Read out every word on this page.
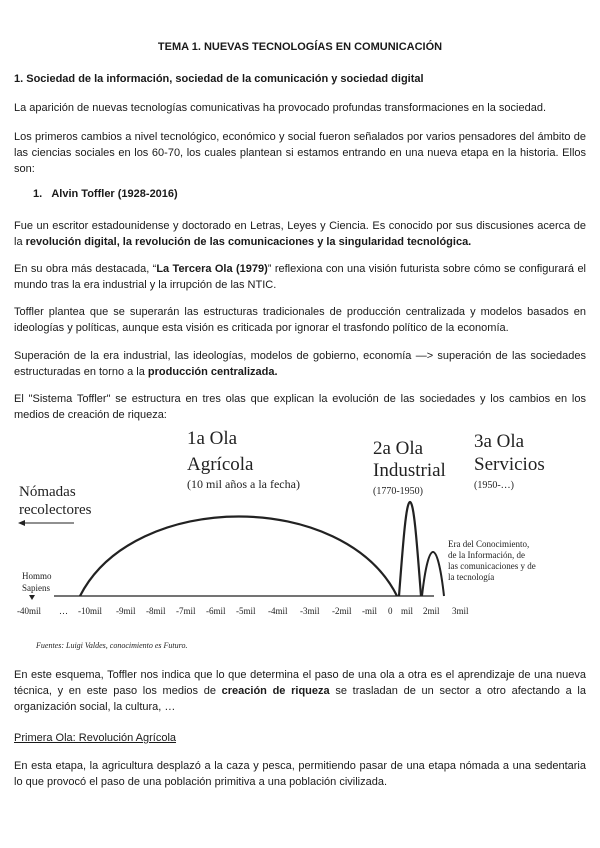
TEMA 1. NUEVAS TECNOLOGÍAS EN COMUNICACIÓN

1. Sociedad de la información, sociedad de la comunicación y sociedad digital

La aparición de nuevas tecnologías comunicativas ha provocado profundas transformaciones en la sociedad.

Los primeros cambios a nivel tecnológico, económico y social fueron señalados por varios pensadores del ámbito de las ciencias sociales en los 60-70, los cuales plantean si estamos entrando en una nueva etapa en la historia. Ellos son:

1. Alvin Toffler (1928-2016)

Fue un escritor estadounidense y doctorado en Letras, Leyes y Ciencia. Es conocido por sus discusiones acerca de la revolución digital, la revolución de las comunicaciones y la singularidad tecnológica.

En su obra más destacada, “La Tercera Ola (1979)” reflexiona con una visión futurista sobre cómo se configurará el mundo tras la era industrial y la irrupción de las NTIC.

Toffler plantea que se superarán las estructuras tradicionales de producción centralizada y modelos basados en ideologías y políticas, aunque esta visión es criticada por ignorar el trasfondo político de la economía.

Superación de la era industrial, las ideologías, modelos de gobierno, economía —> superación de las sociedades estructuradas en torno a la producción centralizada.

El "Sistema Toffler" se estructura en tres olas que explican la evolución de las sociedades y los cambios en los medios de creación de riqueza:

1a Ola
Agrícola
(10 mil años a la fecha)
2a Ola
Industrial
(1770-1950)
3a Ola
Servicios
(1950-…)
Nómadas
recolectores
Hommo
Sapiens
Era del Conocimiento,
de la Información, de
las comunicaciones y de
la tecnología
-40mil … -10mil -9mil -8mil -7mil -6mil -5mil -4mil -3mil -2mil -mil 0 mil 2mil 3mil
Fuentes: Luigi Valdes, conocimiento es Futuro.

En este esquema, Toffler nos indica que lo que determina el paso de una ola a otra es el aprendizaje de una nueva técnica, y en este paso los medios de creación de riqueza se trasladan de un sector a otro afectando a la organización social, la cultura, …

Primera Ola: Revolución Agrícola

En esta etapa, la agricultura desplazó a la caza y pesca, permitiendo pasar de una etapa nómada a una sedentaria lo que provocó el paso de una población primitiva a una población civilizada.
